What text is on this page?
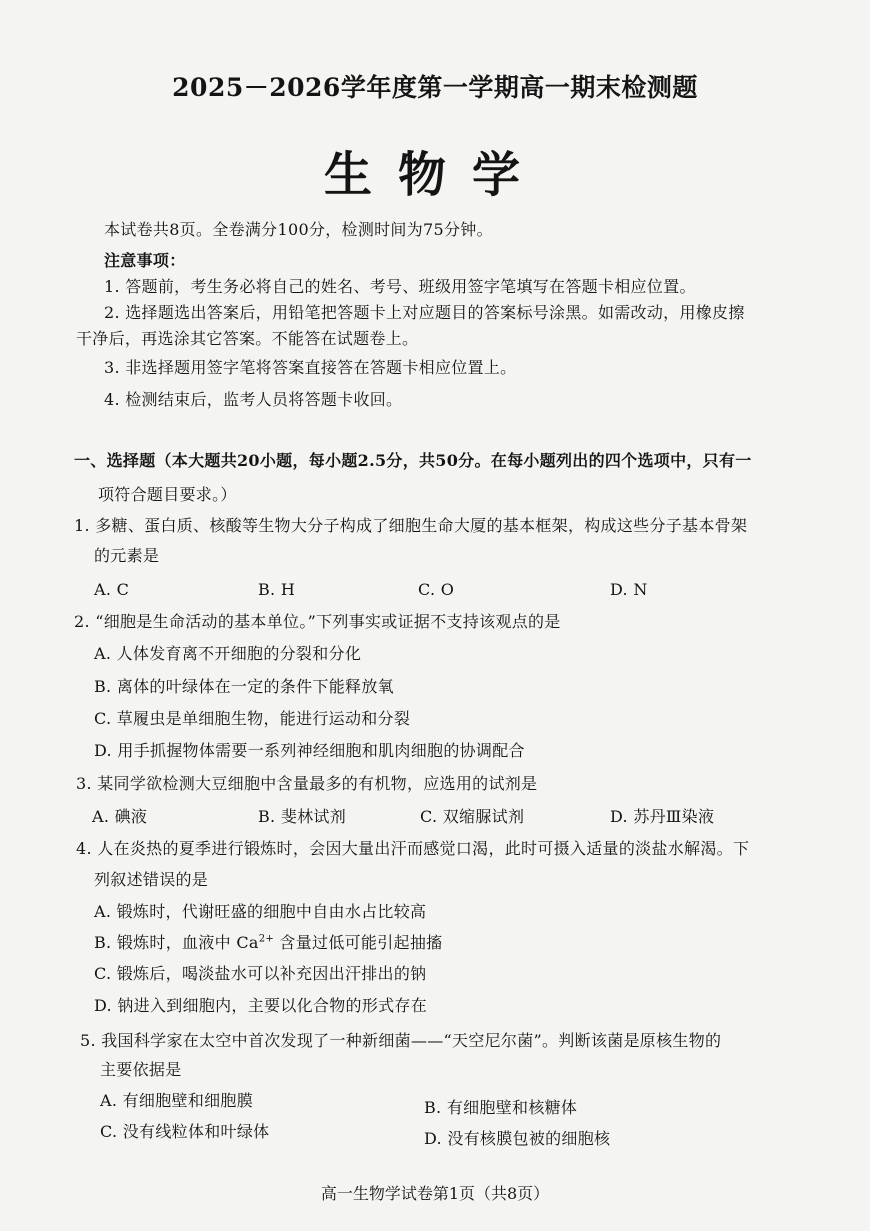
2025－2026学年度第一学期高一期末检测题
生物学
本试卷共8页。全卷满分100分，检测时间为75分钟。
注意事项：
1. 答题前，考生务必将自己的姓名、考号、班级用签字笔填写在答题卡相应位置。
2. 选择题选出答案后，用铅笔把答题卡上对应题目的答案标号涂黑。如需改动，用橡皮擦
干净后，再选涂其它答案。不能答在试题卷上。
3. 非选择题用签字笔将答案直接答在答题卡相应位置上。
4. 检测结束后，监考人员将答题卡收回。
一、选择题（本大题共20小题，每小题2.5分，共50分。在每小题列出的四个选项中，只有一
项符合题目要求。）
1. 多糖、蛋白质、核酸等生物大分子构成了细胞生命大厦的基本框架，构成这些分子基本骨架
的元素是
A. C	B. H	C. O	D. N
2. “细胞是生命活动的基本单位。”下列事实或证据不支持该观点的是
A. 人体发育离不开细胞的分裂和分化
B. 离体的叶绿体在一定的条件下能释放氧
C. 草履虫是单细胞生物，能进行运动和分裂
D. 用手抓握物体需要一系列神经细胞和肌肉细胞的协调配合
3. 某同学欲检测大豆细胞中含量最多的有机物，应选用的试剂是
A. 碘液	B. 斐林试剂	C. 双缩脲试剂	D. 苏丹Ⅲ染液
4. 人在炎热的夏季进行锻炼时，会因大量出汗而感觉口渴，此时可摄入适量的淡盐水解渴。下
列叙述错误的是
A. 锻炼时，代谢旺盛的细胞中自由水占比较高
B. 锻炼时，血液中 $Ca^{2+}$ 含量过低可能引起抽搐
C. 锻炼后，喝淡盐水可以补充因出汗排出的钠
D. 钠进入到细胞内，主要以化合物的形式存在
5. 我国科学家在太空中首次发现了一种新细菌——“天空尼尔菌”。判断该菌是原核生物的
主要依据是
A. 有细胞壁和细胞膜	B. 有细胞壁和核糖体
C. 没有线粒体和叶绿体	D. 没有核膜包被的细胞核
高一生物学试卷第1页（共8页）
